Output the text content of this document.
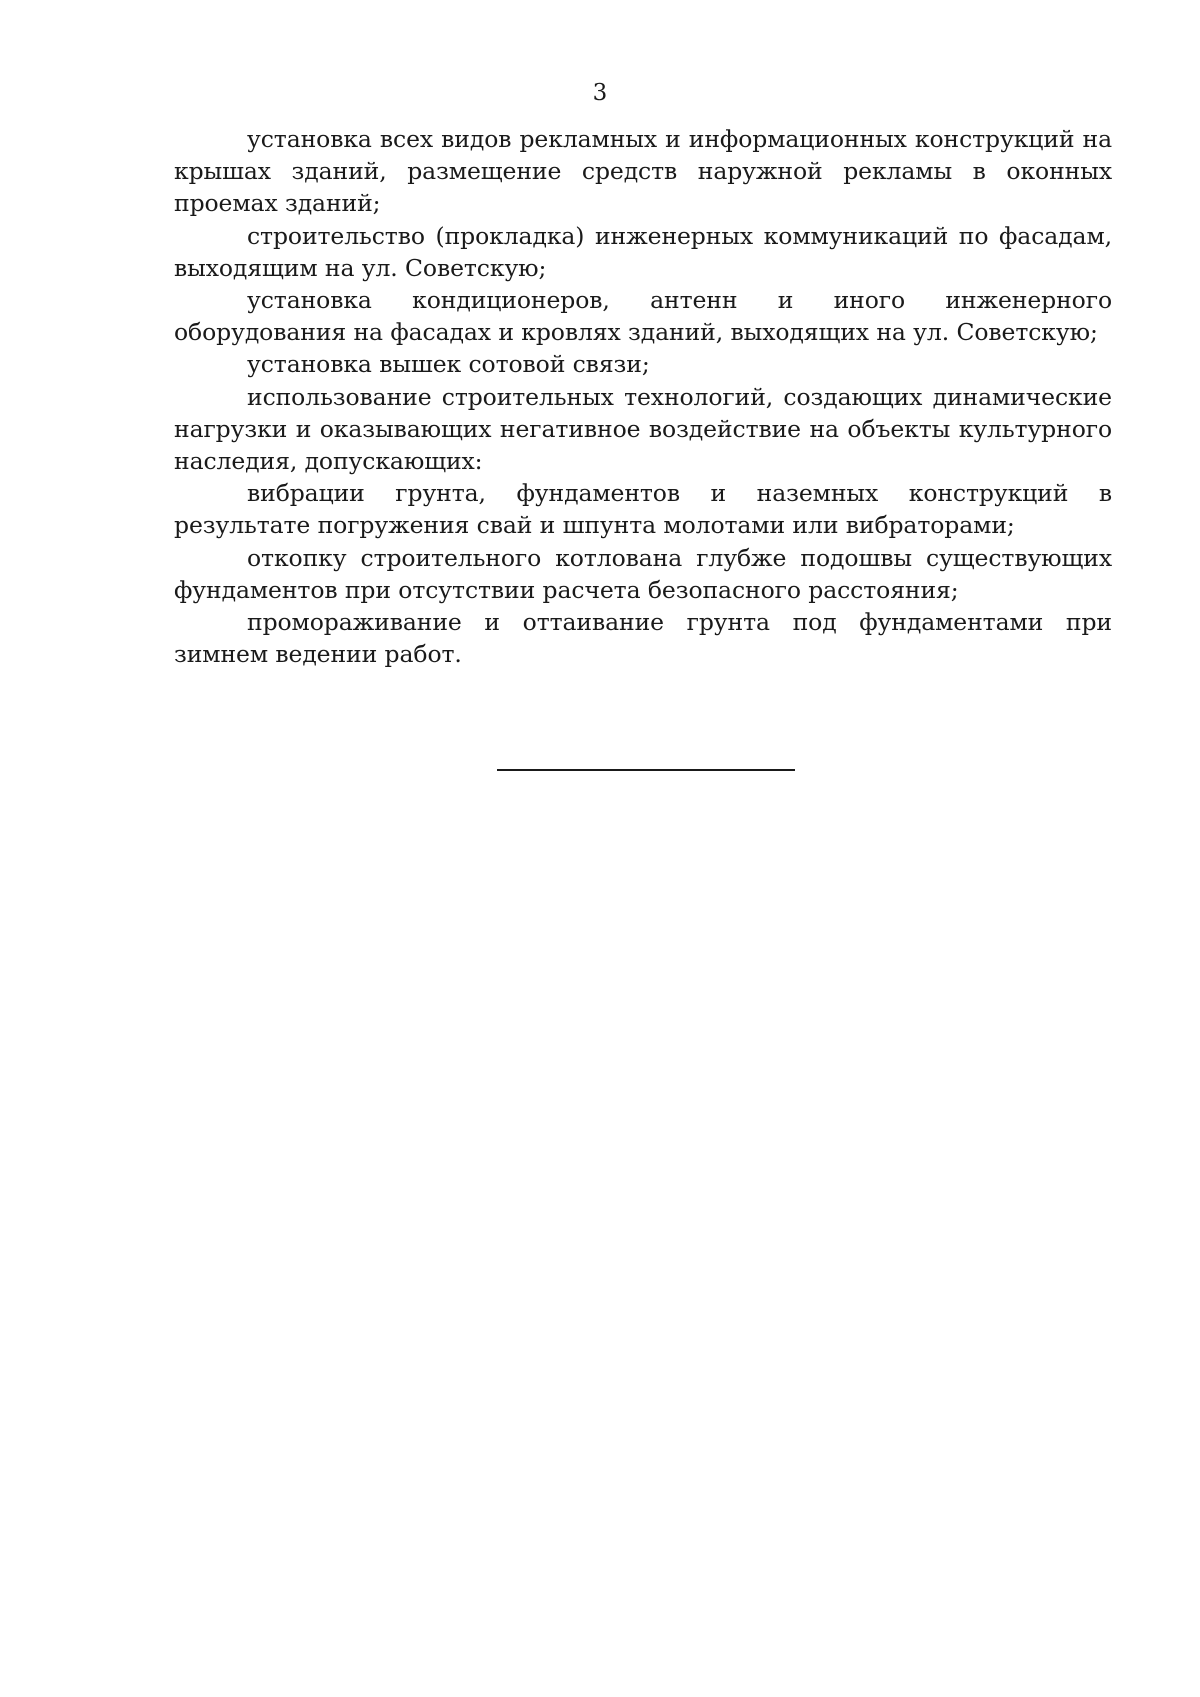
3

установка всех видов рекламных и информационных конструкций на крышах зданий, размещение средств наружной рекламы в оконных проемах зданий;

строительство (прокладка) инженерных коммуникаций по фасадам, выходящим на ул. Советскую;

установка кондиционеров, антенн и иного инженерного оборудования на фасадах и кровлях зданий, выходящих на ул. Советскую;

установка вышек сотовой связи;

использование строительных технологий, создающих динамические нагрузки и оказывающих негативное воздействие на объекты культурного наследия, допускающих:

вибрации грунта, фундаментов и наземных конструкций в результате погружения свай и шпунта молотами или вибраторами;

откопку строительного котлована глубже подошвы существующих фундаментов при отсутствии расчета безопасного расстояния;

промораживание и оттаивание грунта под фундаментами при зимнем ведении работ.
